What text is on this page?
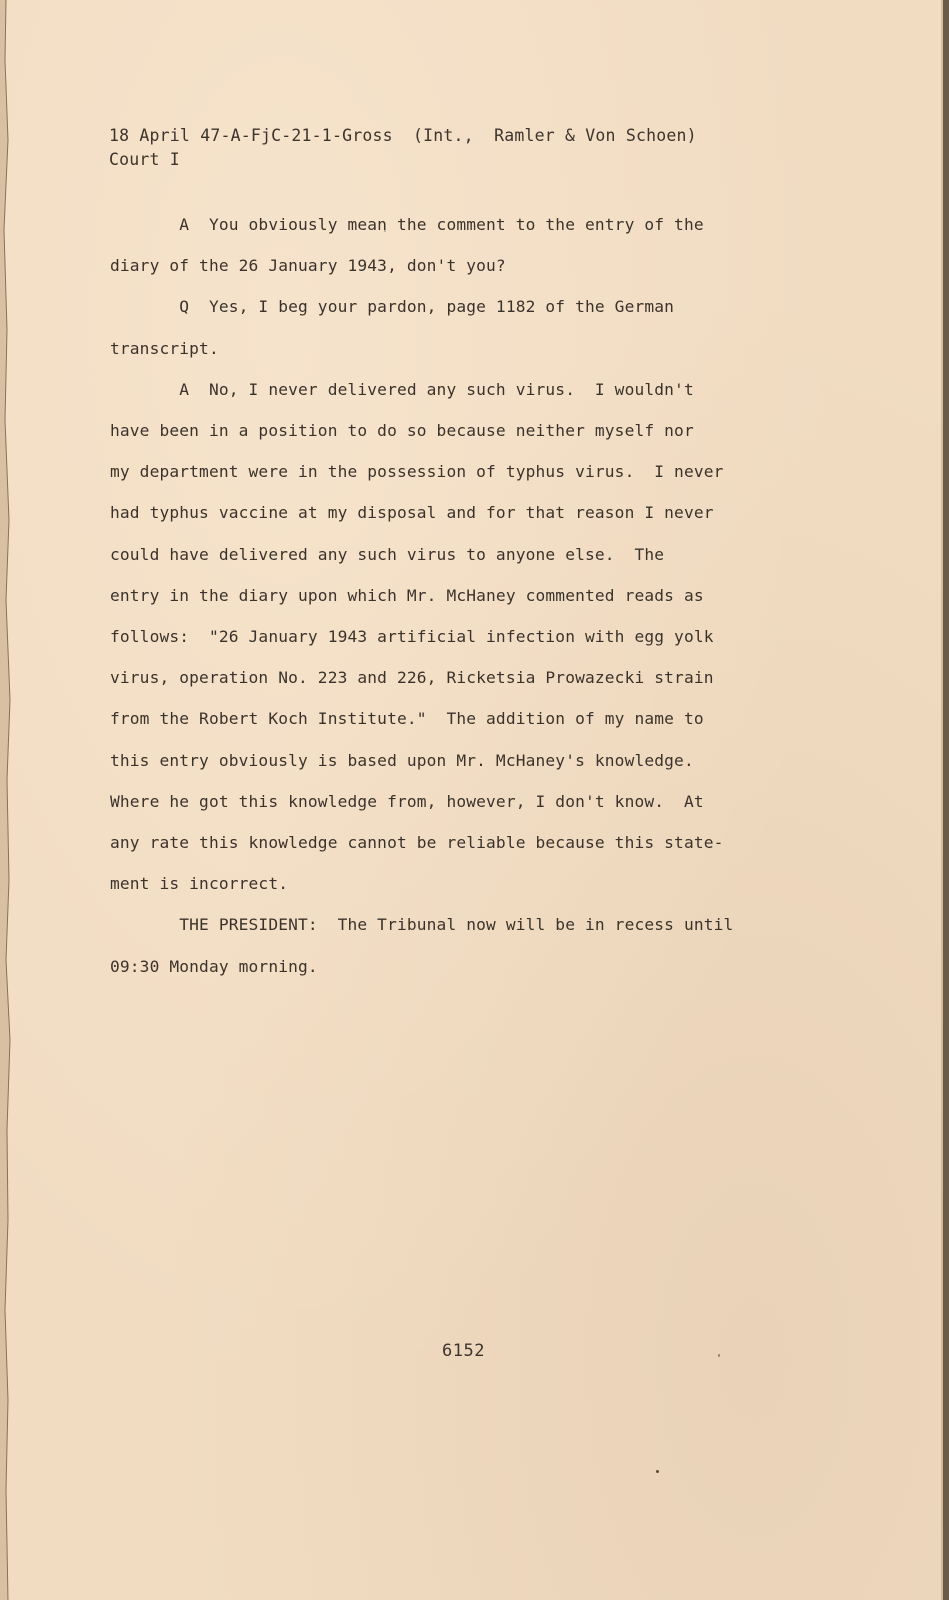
18 April 47-A-FjC-21-1-Gross  (Int.,  Ramler & Von Schoen)
Court I
A  You obviously mean the comment to the entry of the
diary of the 26 January 1943, don't you?
Q  Yes, I beg your pardon, page 1182 of the German
transcript.
A  No, I never delivered any such virus.  I wouldn't
have been in a position to do so because neither myself nor
my department were in the possession of typhus virus.  I never
had typhus vaccine at my disposal and for that reason I never
could have delivered any such virus to anyone else.  The
entry in the diary upon which Mr. McHaney commented reads as
follows:  "26 January 1943 artificial infection with egg yolk
virus, operation No. 223 and 226, Ricketsia Prowazecki strain
from the Robert Koch Institute."  The addition of my name to
this entry obviously is based upon Mr. McHaney's knowledge.
Where he got this knowledge from, however, I don't know.  At
any rate this knowledge cannot be reliable because this state-
ment is incorrect.
THE PRESIDENT:  The Tribunal now will be in recess until
09:30 Monday morning.
6152
